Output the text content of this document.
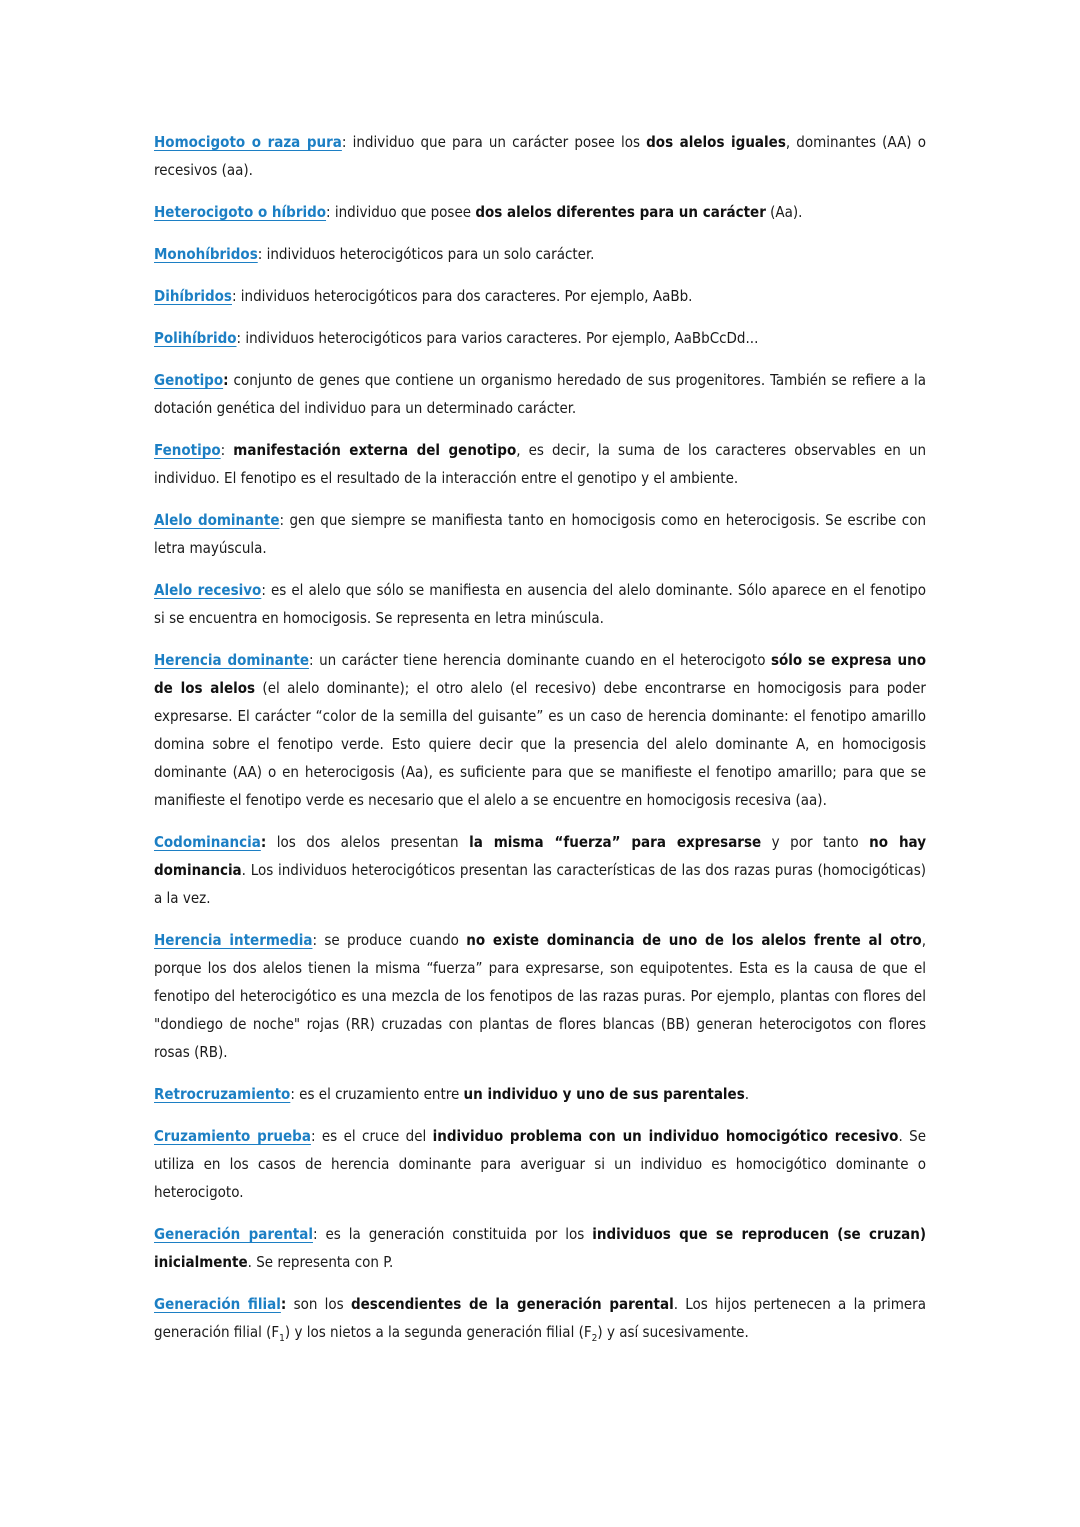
Homocigoto o raza pura: individuo que para un carácter posee los dos alelos iguales, dominantes (AA) o recesivos (aa).

Heterocigoto o híbrido: individuo que posee dos alelos diferentes para un carácter (Aa).

Monohíbridos: individuos heterocigóticos para un solo carácter.

Dihíbridos: individuos heterocigóticos para dos caracteres. Por ejemplo, AaBb.

Polihíbrido: individuos heterocigóticos para varios caracteres. Por ejemplo, AaBbCcDd...

Genotipo: conjunto de genes que contiene un organismo heredado de sus progenitores. También se refiere a la dotación genética del individuo para un determinado carácter.

Fenotipo: manifestación externa del genotipo, es decir, la suma de los caracteres observables en un individuo. El fenotipo es el resultado de la interacción entre el genotipo y el ambiente.

Alelo dominante: gen que siempre se manifiesta tanto en homocigosis como en heterocigosis. Se escribe con letra mayúscula.

Alelo recesivo: es el alelo que sólo se manifiesta en ausencia del alelo dominante. Sólo aparece en el fenotipo si se encuentra en homocigosis. Se representa en letra minúscula.

Herencia dominante: un carácter tiene herencia dominante cuando en el heterocigoto sólo se expresa uno de los alelos (el alelo dominante); el otro alelo (el recesivo) debe encontrarse en homocigosis para poder expresarse. El carácter “color de la semilla del guisante” es un caso de herencia dominante: el fenotipo amarillo domina sobre el fenotipo verde. Esto quiere decir que la presencia del alelo dominante A, en homocigosis dominante (AA) o en heterocigosis (Aa), es suficiente para que se manifieste el fenotipo amarillo; para que se manifieste el fenotipo verde es necesario que el alelo a se encuentre en homocigosis recesiva (aa).

Codominancia: los dos alelos presentan la misma “fuerza” para expresarse y por tanto no hay dominancia. Los individuos heterocigóticos presentan las características de las dos razas puras (homocigóticas) a la vez.

Herencia intermedia: se produce cuando no existe dominancia de uno de los alelos frente al otro, porque los dos alelos tienen la misma “fuerza” para expresarse, son equipotentes. Esta es la causa de que el fenotipo del heterocigótico es una mezcla de los fenotipos de las razas puras. Por ejemplo, plantas con flores del "dondiego de noche" rojas (RR) cruzadas con plantas de flores blancas (BB) generan heterocigotos con flores rosas (RB).

Retrocruzamiento: es el cruzamiento entre un individuo y uno de sus parentales.

Cruzamiento prueba: es el cruce del individuo problema con un individuo homocigótico recesivo. Se utiliza en los casos de herencia dominante para averiguar si un individuo es homocigótico dominante o heterocigoto.

Generación parental: es la generación constituida por los individuos que se reproducen (se cruzan) inicialmente. Se representa con P.

Generación filial: son los descendientes de la generación parental. Los hijos pertenecen a la primera generación filial $(F_1)$ y los nietos a la segunda generación filial $(F_2)$ y así sucesivamente.
